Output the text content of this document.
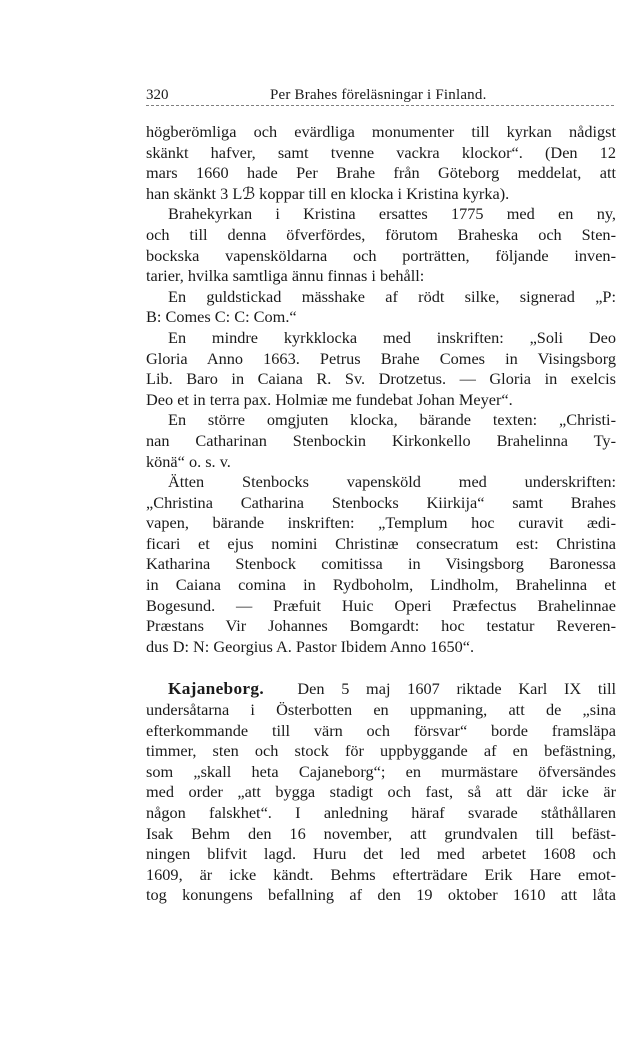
320	Per Brahes föreläsningar i Finland.
högberömliga och evärdliga monumenter till kyrkan nådigst
skänkt hafver, samt tvenne vackra klockor“. (Den 12
mars 1660 hade Per Brahe från Göteborg meddelat, att
han skänkt 3 Lℬ koppar till en klocka i Kristina kyrka).
Brahekyrkan i Kristina ersattes 1775 med en ny,
och till denna öfverfördes, förutom Braheska och Sten-
bockska vapensköldarna och porträtten, följande inven-
tarier, hvilka samtliga ännu finnas i behåll:
En guldstickad mässhake af rödt silke, signerad „P:
B: Comes C: C: Com.“
En mindre kyrkklocka med inskriften: „Soli Deo
Gloria Anno 1663. Petrus Brahe Comes in Visingsborg
Lib. Baro in Caiana R. Sv. Drotzetus. — Gloria in exelcis
Deo et in terra pax. Holmiæ me fundebat Johan Meyer“.
En större omgjuten klocka, bärande texten: „Christi-
nan Catharinan Stenbockin Kirkonkello Brahelinna Ty-
könä“ o. s. v.
Ätten Stenbocks vapensköld med underskriften:
„Christina Catharina Stenbocks Kiirkija“ samt Brahes
vapen, bärande inskriften: „Templum hoc curavit ædi-
ficari et ejus nomini Christinæ consecratum est: Christina
Katharina Stenbock comitissa in Visingsborg Baronessa
in Caiana comina in Rydboholm, Lindholm, Brahelinna et
Bogesund. — Præfuit Huic Operi Præfectus Brahelinnae
Præstans Vir Johannes Bomgardt: hoc testatur Reveren-
dus D: N: Georgius A. Pastor Ibidem Anno 1650“.
Kajaneborg. Den 5 maj 1607 riktade Karl IX till
undersåtarna i Österbotten en uppmaning, att de „sina
efterkommande till värn och försvar“ borde framsläpa
timmer, sten och stock för uppbyggande af en befästning,
som „skall heta Cajaneborg“; en murmästare öfversändes
med order „att bygga stadigt och fast, så att där icke är
någon falskhet“. I anledning häraf svarade ståthållaren
Isak Behm den 16 november, att grundvalen till befäst-
ningen blifvit lagd. Huru det led med arbetet 1608 och
1609, är icke kändt. Behms efterträdare Erik Hare emot-
tog konungens befallning af den 19 oktober 1610 att låta
